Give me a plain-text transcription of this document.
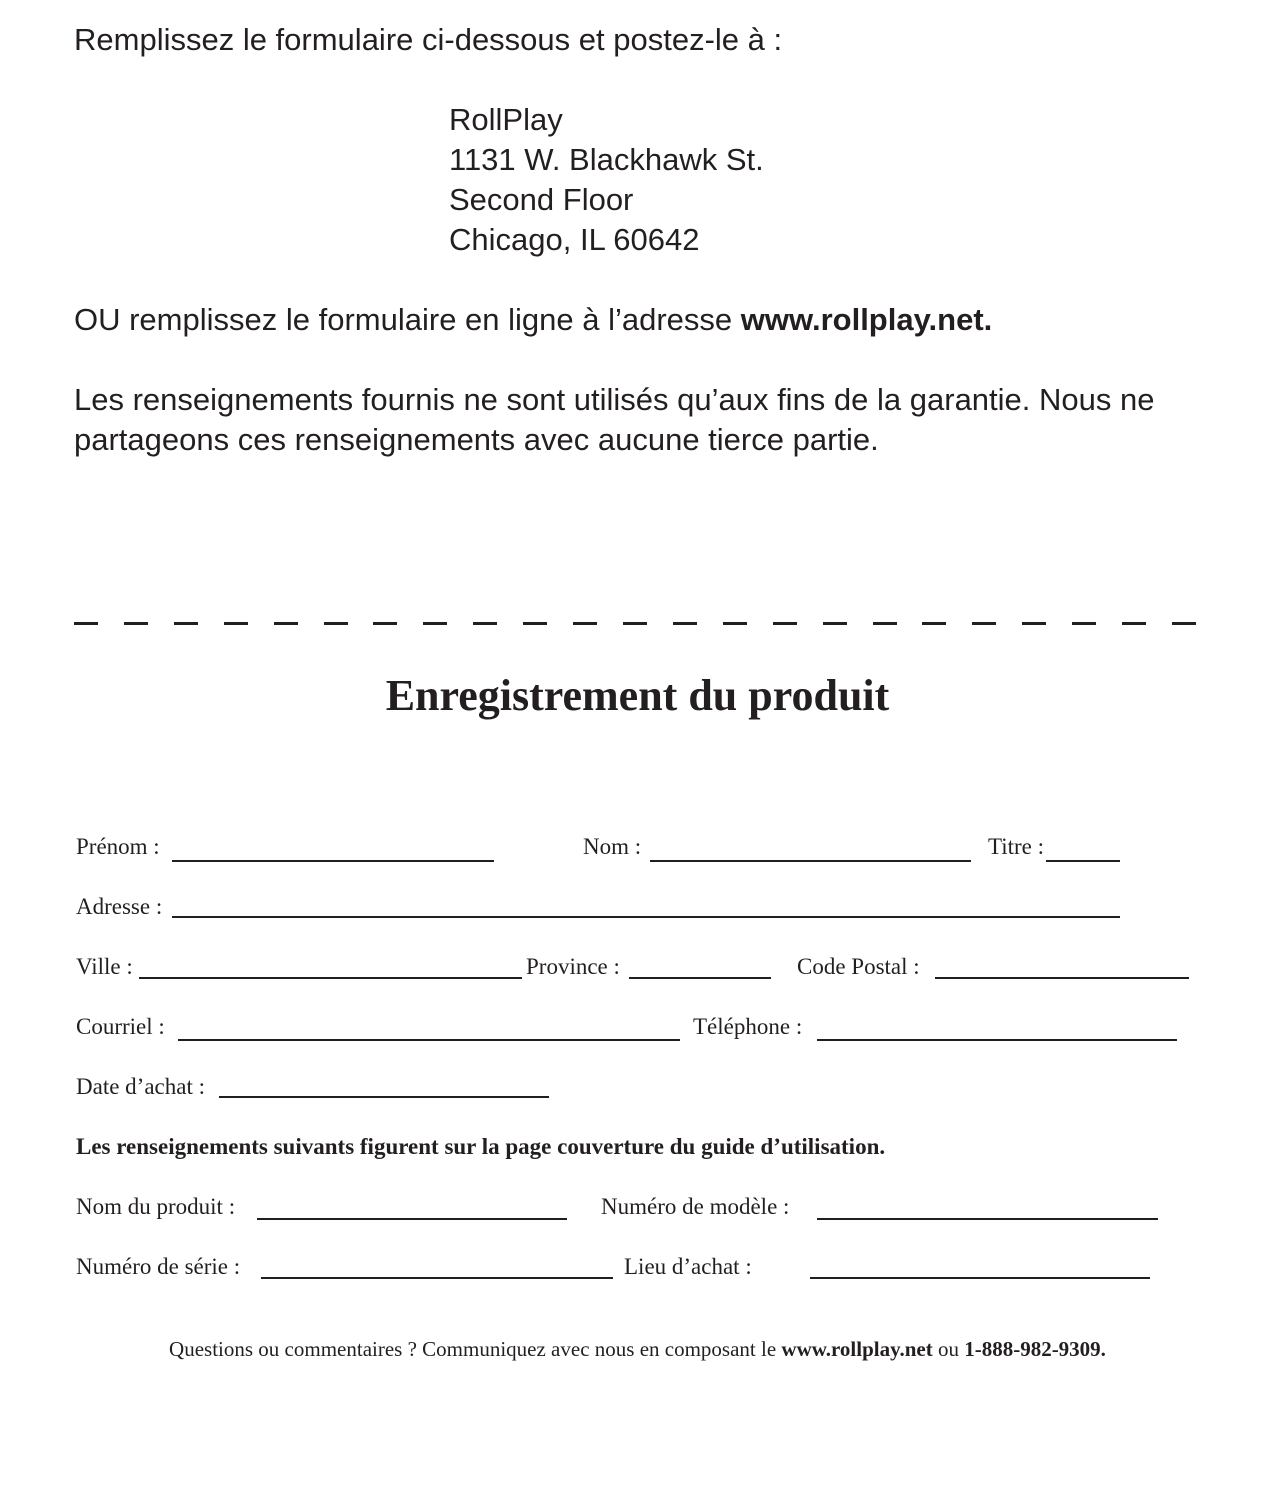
Remplissez le formulaire ci-dessous et postez-le à :
RollPlay
1131 W. Blackhawk St.
Second Floor
Chicago, IL 60642
OU remplissez le formulaire en ligne à l’adresse www.rollplay.net.
Les renseignements fournis ne sont utilisés qu’aux fins de la garantie. Nous ne partageons ces renseignements avec aucune tierce partie.
Enregistrement du produit
Prénom :	Nom :	Titre :
Adresse :
Ville :	Province :	Code Postal :
Courriel :	Téléphone :
Date d’achat :
Les renseignements suivants figurent sur la page couverture du guide d’utilisation.
Nom du produit :	Numéro de modèle :
Numéro de série :	Lieu d’achat :
Questions ou commentaires ? Communiquez avec nous en composant le www.rollplay.net ou 1-888-982-9309.
